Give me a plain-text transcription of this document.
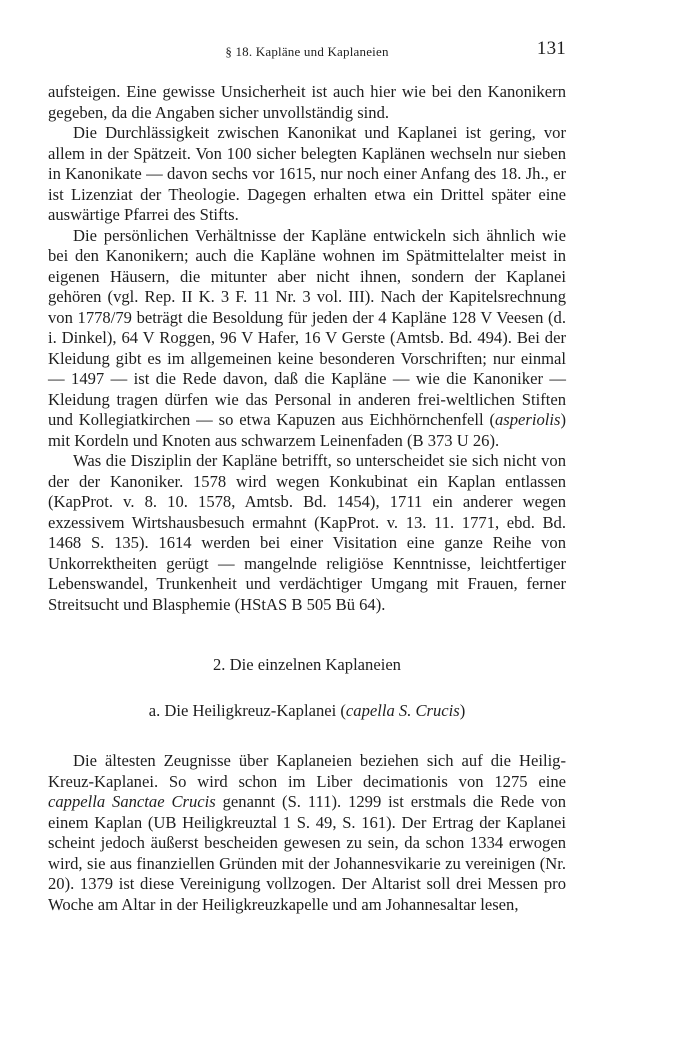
§ 18. Kapläne und Kaplaneien	131

aufsteigen. Eine gewisse Unsicherheit ist auch hier wie bei den Kanonikern gegeben, da die Angaben sicher unvollständig sind.

Die Durchlässigkeit zwischen Kanonikat und Kaplanei ist gering, vor allem in der Spätzeit. Von 100 sicher belegten Kaplänen wechseln nur sieben in Kanonikate — davon sechs vor 1615, nur noch einer Anfang des 18. Jh., er ist Lizenziat der Theologie. Dagegen erhalten etwa ein Drittel später eine auswärtige Pfarrei des Stifts.

Die persönlichen Verhältnisse der Kapläne entwickeln sich ähnlich wie bei den Kanonikern; auch die Kapläne wohnen im Spätmittelalter meist in eigenen Häusern, die mitunter aber nicht ihnen, sondern der Kaplanei gehören (vgl. Rep. II K. 3 F. 11 Nr. 3 vol. III). Nach der Kapitelsrechnung von 1778/79 beträgt die Besoldung für jeden der 4 Kapläne 128 V Veesen (d. i. Dinkel), 64 V Roggen, 96 V Hafer, 16 V Gerste (Amtsb. Bd. 494). Bei der Kleidung gibt es im allgemeinen keine besonderen Vorschriften; nur einmal — 1497 — ist die Rede davon, daß die Kapläne — wie die Kanoniker — Kleidung tragen dürfen wie das Personal in anderen frei-weltlichen Stiften und Kollegiatkirchen — so etwa Kapuzen aus Eichhörnchenfell (asperiolis) mit Kordeln und Knoten aus schwarzem Leinenfaden (B 373 U 26).

Was die Disziplin der Kapläne betrifft, so unterscheidet sie sich nicht von der der Kanoniker. 1578 wird wegen Konkubinat ein Kaplan entlassen (KapProt. v. 8. 10. 1578, Amtsb. Bd. 1454), 1711 ein anderer wegen exzessivem Wirtshausbesuch ermahnt (KapProt. v. 13. 11. 1771, ebd. Bd. 1468 S. 135). 1614 werden bei einer Visitation eine ganze Reihe von Unkorrektheiten gerügt — mangelnde religiöse Kenntnisse, leichtfertiger Lebenswandel, Trunkenheit und verdächtiger Umgang mit Frauen, ferner Streitsucht und Blasphemie (HStAS B 505 Bü 64).

2. Die einzelnen Kaplaneien
a. Die Heiligkreuz-Kaplanei (capella S. Crucis)

Die ältesten Zeugnisse über Kaplaneien beziehen sich auf die Heilig-Kreuz-Kaplanei. So wird schon im Liber decimationis von 1275 eine cappella Sanctae Crucis genannt (S. 111). 1299 ist erstmals die Rede von einem Kaplan (UB Heiligkreuztal 1 S. 49, S. 161). Der Ertrag der Kaplanei scheint jedoch äußerst bescheiden gewesen zu sein, da schon 1334 erwogen wird, sie aus finanziellen Gründen mit der Johannesvikarie zu vereinigen (Nr. 20). 1379 ist diese Vereinigung vollzogen. Der Altarist soll drei Messen pro Woche am Altar in der Heiligkreuzkapelle und am Johannesaltar lesen,
